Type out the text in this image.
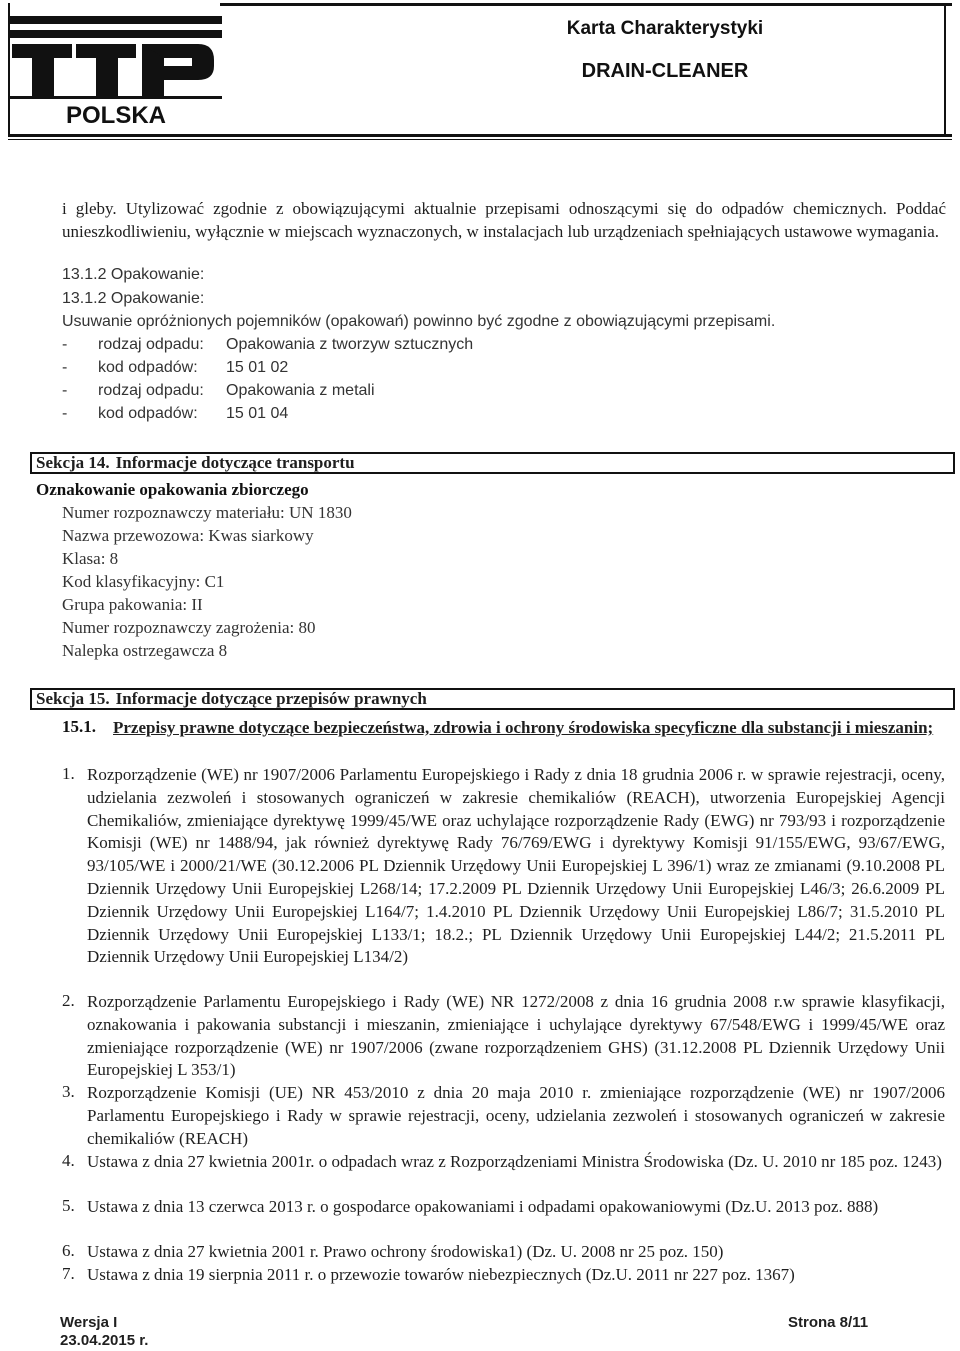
POLSKA
Karta Charakterystyki
DRAIN-CLEANER
i gleby. Utylizować zgodnie z obowiązującymi aktualnie przepisami odnoszącymi się do odpadów chemicznych. Poddać unieszkodliwieniu, wyłącznie w miejscach wyznaczonych, w instalacjach lub urządzeniach spełniających ustawowe wymagania.
13.1.2 Opakowanie:
13.1.2 Opakowanie:
Usuwanie opróżnionych pojemników (opakowań) powinno być zgodne z obowiązującymi przepisami.
- rodzaj odpadu: Opakowania z tworzyw sztucznych
- kod odpadów: 15 01 02
- rodzaj odpadu: Opakowania z metali
- kod odpadów: 15 01 04
Sekcja 14. Informacje dotyczące transportu
Oznakowanie opakowania zbiorczego
Numer rozpoznawczy materiału: UN 1830
Nazwa przewozowa: Kwas siarkowy
Klasa: 8
Kod klasyfikacyjny: C1
Grupa pakowania: II
Numer rozpoznawczy zagrożenia: 80
Nalepka ostrzegawcza 8
Sekcja 15. Informacje dotyczące przepisów prawnych
15.1. Przepisy prawne dotyczące bezpieczeństwa, zdrowia i ochrony środowiska specyficzne dla substancji i mieszanin;
1. Rozporządzenie (WE) nr 1907/2006 Parlamentu Europejskiego i Rady z dnia 18 grudnia 2006 r. w sprawie rejestracji, oceny, udzielania zezwoleń i stosowanych ograniczeń w zakresie chemikaliów (REACH), utworzenia Europejskiej Agencji Chemikaliów, zmieniające dyrektywę 1999/45/WE oraz uchylające rozporządzenie Rady (EWG) nr 793/93 i rozporządzenie Komisji (WE) nr 1488/94, jak również dyrektywę Rady 76/769/EWG i dyrektywy Komisji 91/155/EWG, 93/67/EWG, 93/105/WE i 2000/21/WE (30.12.2006 PL Dziennik Urzędowy Unii Europejskiej L 396/1) wraz ze zmianami (9.10.2008 PL Dziennik Urzędowy Unii Europejskiej L268/14; 17.2.2009 PL Dziennik Urzędowy Unii Europejskiej L46/3; 26.6.2009 PL Dziennik Urzędowy Unii Europejskiej L164/7; 1.4.2010 PL Dziennik Urzędowy Unii Europejskiej L86/7; 31.5.2010 PL Dziennik Urzędowy Unii Europejskiej L133/1; 18.2.; PL Dziennik Urzędowy Unii Europejskiej L44/2; 21.5.2011 PL Dziennik Urzędowy Unii Europejskiej L134/2)
2. Rozporządzenie Parlamentu Europejskiego i Rady (WE) NR 1272/2008 z dnia 16 grudnia 2008 r.w sprawie klasyfikacji, oznakowania i pakowania substancji i mieszanin, zmieniające i uchylające dyrektywy 67/548/EWG i 1999/45/WE oraz zmieniające rozporządzenie (WE) nr 1907/2006 (zwane rozporządzeniem GHS) (31.12.2008 PL Dziennik Urzędowy Unii Europejskiej L 353/1)
3. Rozporządzenie Komisji (UE) NR 453/2010 z dnia 20 maja 2010 r. zmieniające rozporządzenie (WE) nr 1907/2006 Parlamentu Europejskiego i Rady w sprawie rejestracji, oceny, udzielania zezwoleń i stosowanych ograniczeń w zakresie chemikaliów (REACH)
4. Ustawa z dnia 27 kwietnia 2001r. o odpadach wraz z Rozporządzeniami Ministra Środowiska (Dz. U. 2010 nr 185 poz. 1243)
5. Ustawa z dnia 13 czerwca 2013 r. o gospodarce opakowaniami i odpadami opakowaniowymi (Dz.U. 2013 poz. 888)
6. Ustawa z dnia 27 kwietnia 2001 r. Prawo ochrony środowiska1) (Dz. U. 2008 nr 25 poz. 150)
7. Ustawa z dnia 19 sierpnia 2011 r. o przewozie towarów niebezpiecznych (Dz.U. 2011 nr 227 poz. 1367)
Wersja I
23.04.2015 r.
Strona 8/11
